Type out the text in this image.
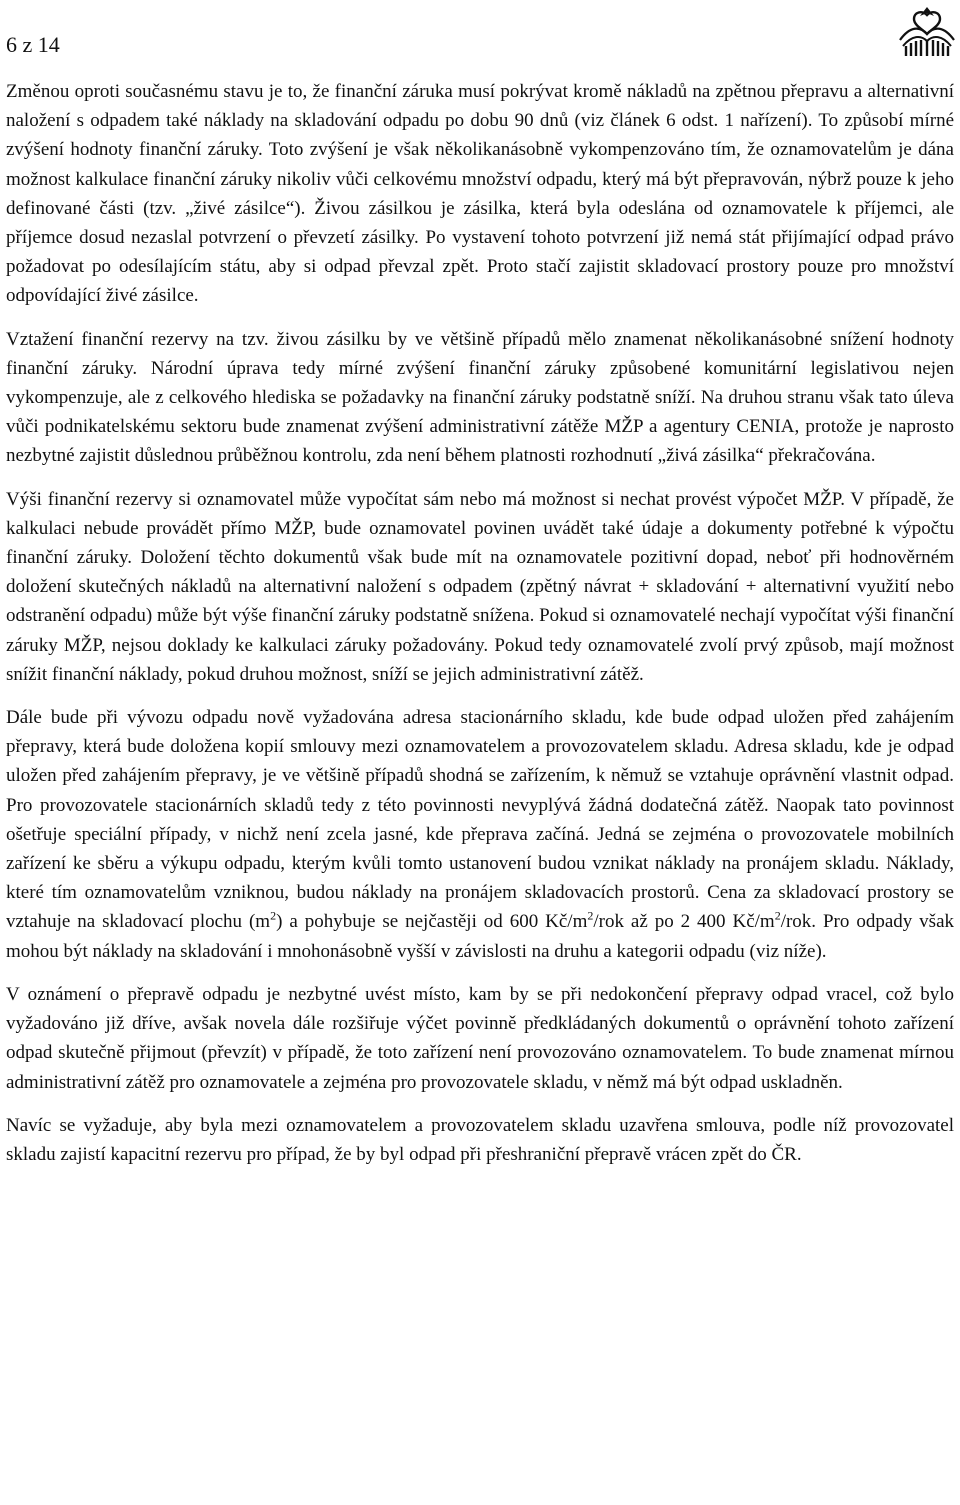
6 z 14

Změnou oproti současnému stavu je to, že finanční záruka musí pokrývat kromě nákladů na zpětnou přepravu a alternativní naložení s odpadem také náklady na skladování odpadu po dobu 90 dnů (viz článek 6 odst. 1 nařízení). To způsobí mírné zvýšení hodnoty finanční záruky. Toto zvýšení je však několikanásobně vykompenzováno tím, že oznamovatelům je dána možnost kalkulace finanční záruky nikoliv vůči celkovému množství odpadu, který má být přepravován, nýbrž pouze k jeho definované části (tzv. „živé zásilce“). Živou zásilkou je zásilka, která byla odeslána od oznamovatele k příjemci, ale příjemce dosud nezaslal potvrzení o převzetí zásilky. Po vystavení tohoto potvrzení již nemá stát přijímající odpad právo požadovat po odesílajícím státu, aby si odpad převzal zpět. Proto stačí zajistit skladovací prostory pouze pro množství odpovídající živé zásilce.

Vztažení finanční rezervy na tzv. živou zásilku by ve většině případů mělo znamenat několikanásobné snížení hodnoty finanční záruky. Národní úprava tedy mírné zvýšení finanční záruky způsobené komunitární legislativou nejen vykompenzuje, ale z celkového hlediska se požadavky na finanční záruky podstatně sníží. Na druhou stranu však tato úleva vůči podnikatelskému sektoru bude znamenat zvýšení administrativní zátěže MŽP a agentury CENIA, protože je naprosto nezbytné zajistit důslednou průběžnou kontrolu, zda není během platnosti rozhodnutí „živá zásilka“ překračována.

Výši finanční rezervy si oznamovatel může vypočítat sám nebo má možnost si nechat provést výpočet MŽP. V případě, že kalkulaci nebude provádět přímo MŽP, bude oznamovatel povinen uvádět také údaje a dokumenty potřebné k výpočtu finanční záruky. Doložení těchto dokumentů však bude mít na oznamovatele pozitivní dopad, neboť při hodnověrném doložení skutečných nákladů na alternativní naložení s odpadem (zpětný návrat + skladování + alternativní využití nebo odstranění odpadu) může být výše finanční záruky podstatně snížena. Pokud si oznamovatelé nechají vypočítat výši finanční záruky MŽP, nejsou doklady ke kalkulaci záruky požadovány. Pokud tedy oznamovatelé zvolí prvý způsob, mají možnost snížit finanční náklady, pokud druhou možnost, sníží se jejich administrativní zátěž.

Dále bude při vývozu odpadu nově vyžadována adresa stacionárního skladu, kde bude odpad uložen před zahájením přepravy, která bude doložena kopií smlouvy mezi oznamovatelem a provozovatelem skladu. Adresa skladu, kde je odpad uložen před zahájením přepravy, je ve většině případů shodná se zařízením, k němuž se vztahuje oprávnění vlastnit odpad. Pro provozovatele stacionárních skladů tedy z této povinnosti nevyplývá žádná dodatečná zátěž. Naopak tato povinnost ošetřuje speciální případy, v nichž není zcela jasné, kde přeprava začíná. Jedná se zejména o provozovatele mobilních zařízení ke sběru a výkupu odpadu, kterým kvůli tomto ustanovení budou vznikat náklady na pronájem skladu. Náklady, které tím oznamovatelům vzniknou, budou náklady na pronájem skladovacích prostorů. Cena za skladovací prostory se vztahuje na skladovací plochu $(m^2)$ a pohybuje se nejčastěji od 600 $Kč/m^2$/rok až po 2 400 $Kč/m^2$/rok. Pro odpady však mohou být náklady na skladování i mnohonásobně vyšší v závislosti na druhu a kategorii odpadu (viz níže).

V oznámení o přepravě odpadu je nezbytné uvést místo, kam by se při nedokončení přepravy odpad vracel, což bylo vyžadováno již dříve, avšak novela dále rozšiřuje výčet povinně předkládaných dokumentů o oprávnění tohoto zařízení odpad skutečně přijmout (převzít) v případě, že toto zařízení není provozováno oznamovatelem. To bude znamenat mírnou administrativní zátěž pro oznamovatele a zejména pro provozovatele skladu, v němž má být odpad uskladněn.

Navíc se vyžaduje, aby byla mezi oznamovatelem a provozovatelem skladu uzavřena smlouva, podle níž provozovatel skladu zajistí kapacitní rezervu pro případ, že by byl odpad při přeshraniční přepravě vrácen zpět do ČR.
